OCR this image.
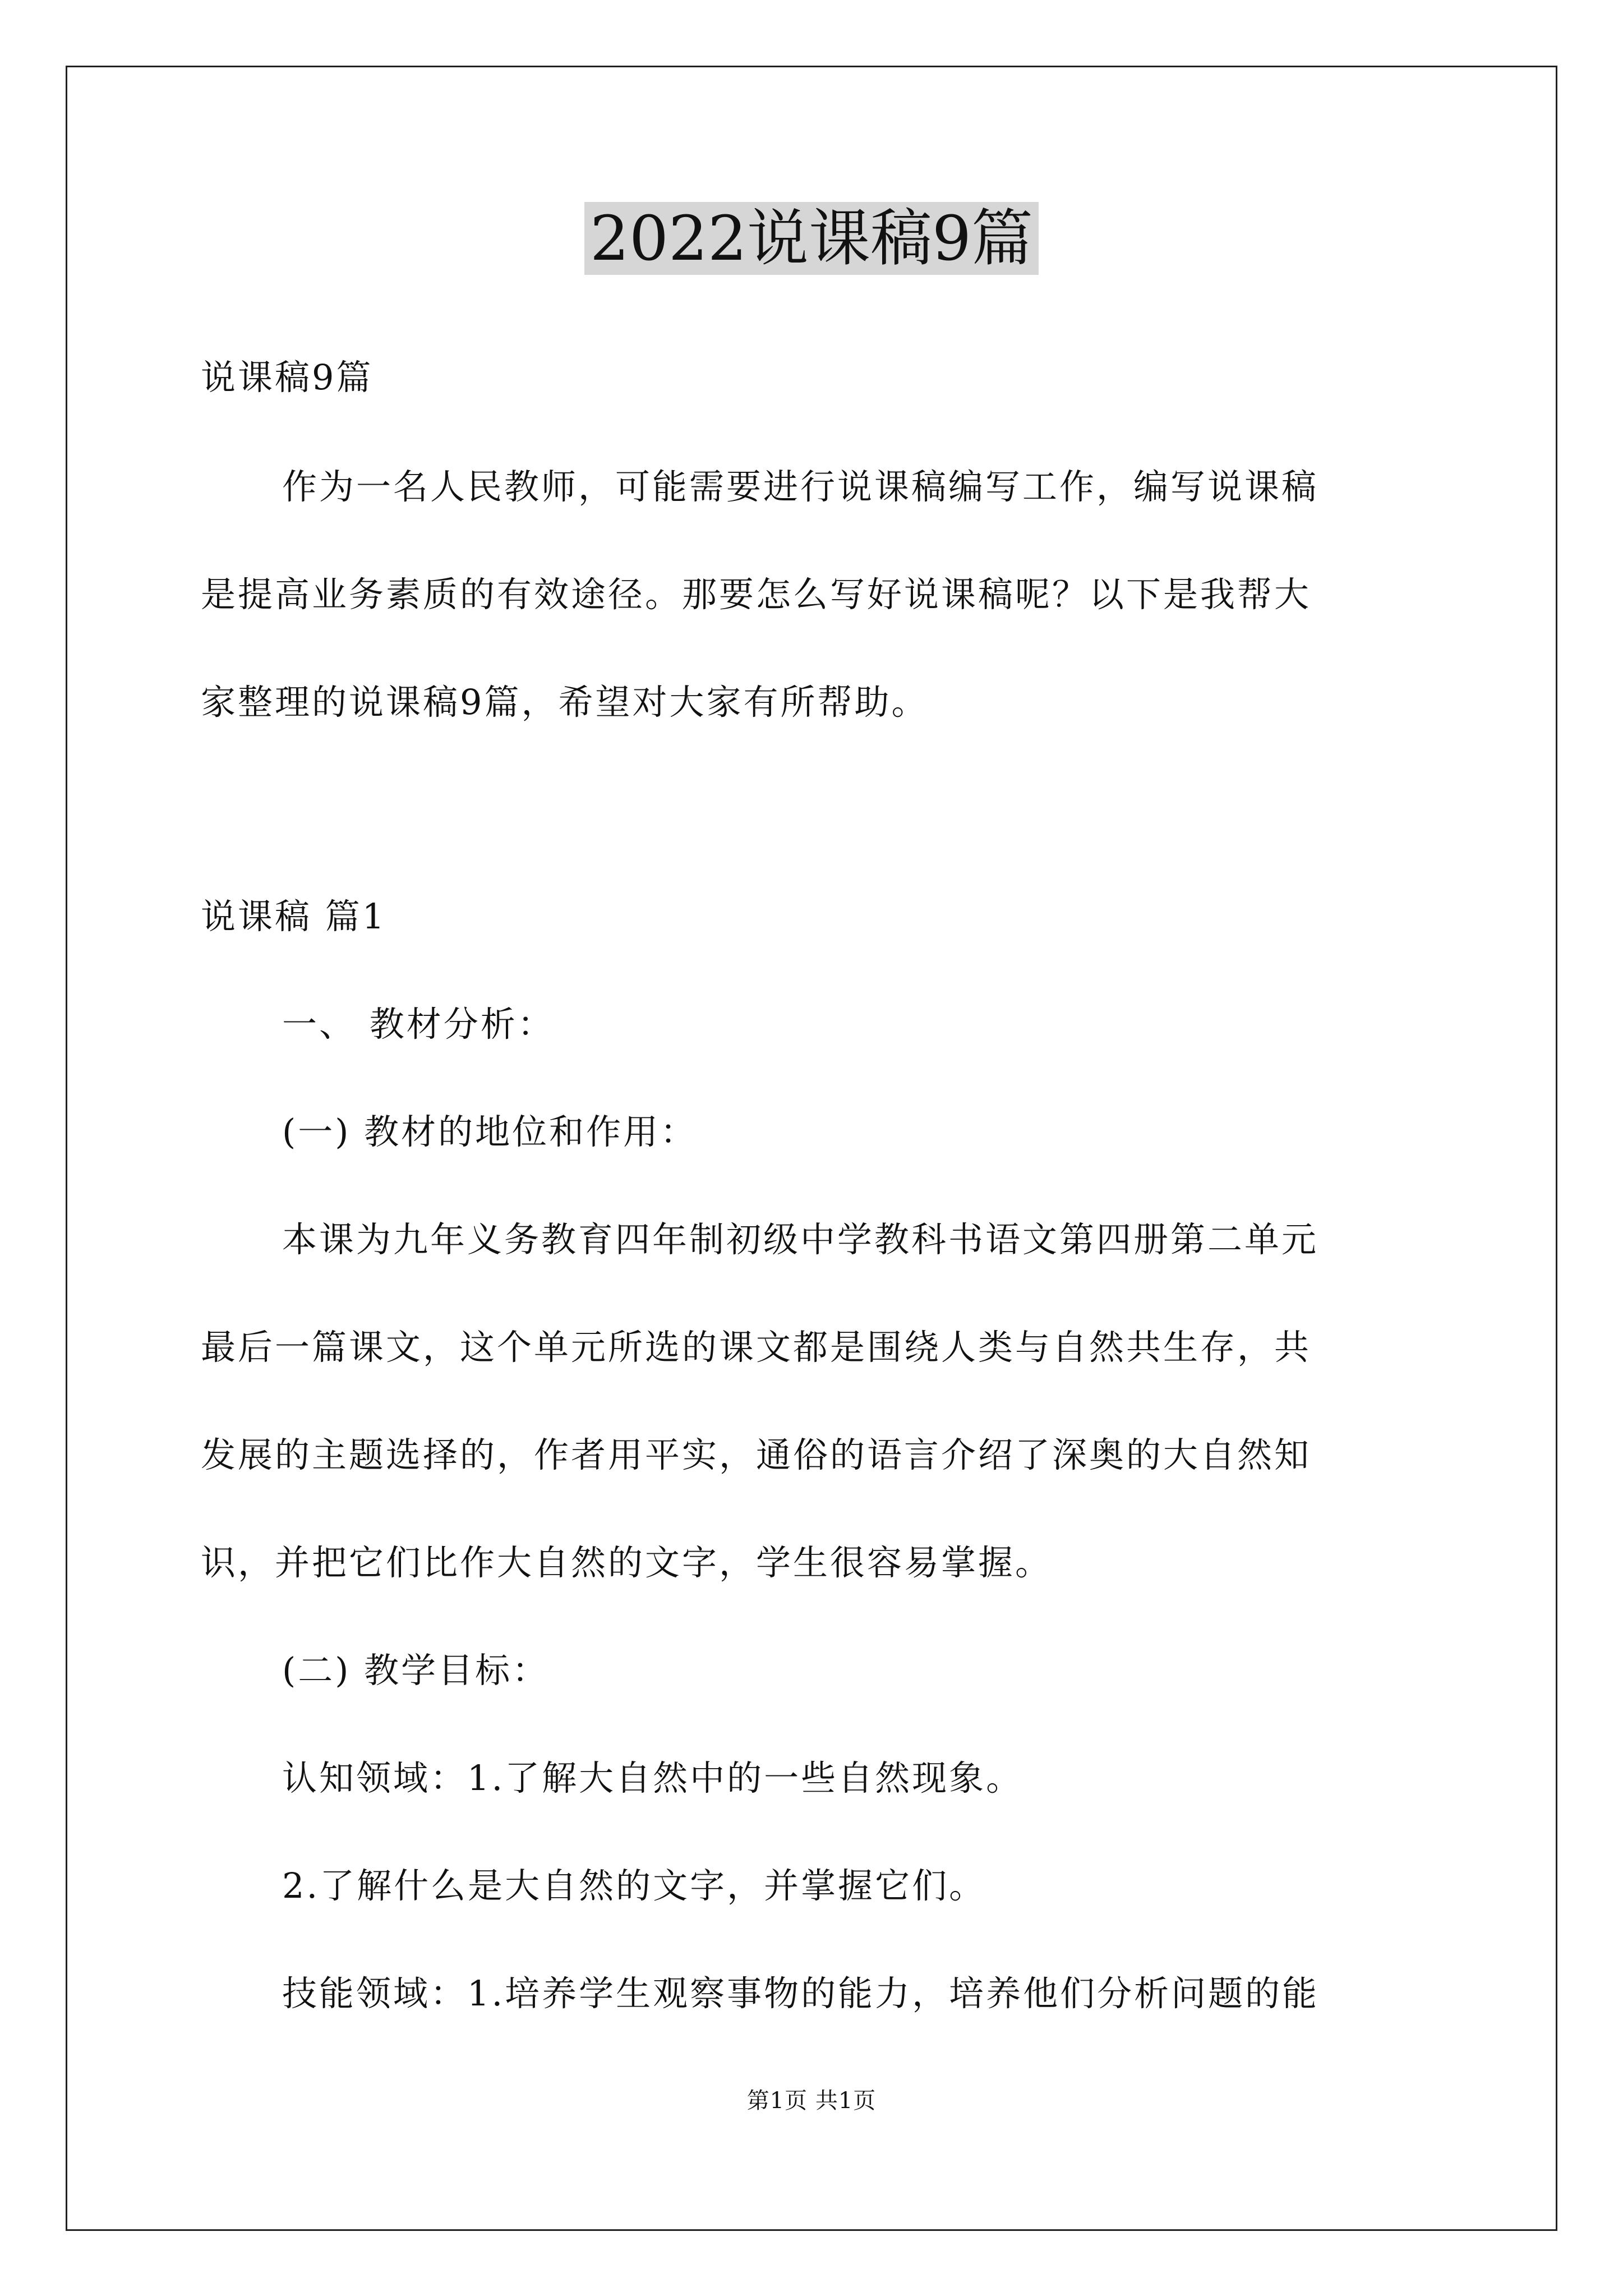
2022说课稿9篇
说课稿9篇
作为一名人民教师，可能需要进行说课稿编写工作，编写说课稿
是提高业务素质的有效途径。那要怎么写好说课稿呢？以下是我帮大
家整理的说课稿9篇，希望对大家有所帮助。
说课稿 篇1
一、 教材分析：
(一) 教材的地位和作用：
本课为九年义务教育四年制初级中学教科书语文第四册第二单元
最后一篇课文，这个单元所选的课文都是围绕人类与自然共生存，共
发展的主题选择的，作者用平实，通俗的语言介绍了深奥的大自然知
识，并把它们比作大自然的文字，学生很容易掌握。
(二) 教学目标：
认知领域：1.了解大自然中的一些自然现象。
2.了解什么是大自然的文字，并掌握它们。
技能领域：1.培养学生观察事物的能力，培养他们分析问题的能
第1页 共1页
